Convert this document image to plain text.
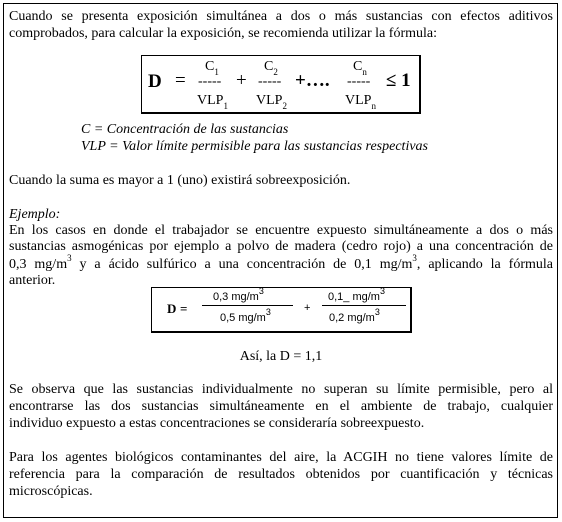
Cuando se presenta exposición simultánea a dos o más sustancias con efectos aditivos

comprobados, para calcular la exposición, se recomienda utilizar la fórmula:

D =
$C_1$
-----
$VLP_1$
+
$C_2$
-----
$VLP_2$
+….
$C_n$
-----
$VLP_n$
≤ 1

C = Concentración de las sustancias

VLP = Valor límite permisible para las sustancias respectivas

Cuando la suma es mayor a 1 (uno) existirá sobreexposición.

Ejemplo:

En los casos en donde el trabajador se encuentre expuesto simultáneamente a dos o más

sustancias asmogénicas por ejemplo a polvo de madera (cedro rojo) a una concentración de

0,3 $mg/m^3$ y a ácido sulfúrico a una concentración de 0,1 $mg/m^3$, aplicando la fórmula

anterior.

D =
0,3 $mg/m^3$
0,5 $mg/m^3$	+
0,1_ $mg/m^3$
0,2 $mg/m^3$

Así, la D = 1,1

Se observa que las sustancias individualmente no superan su límite permisible, pero al

encontrarse las dos sustancias simultáneamente en el ambiente de trabajo, cualquier

individuo expuesto a estas concentraciones se consideraría sobreexpuesto.

Para los agentes biológicos contaminantes del aire, la ACGIH no tiene valores límite de

referencia para la comparación de resultados obtenidos por cuantificación y técnicas

microscópicas.
